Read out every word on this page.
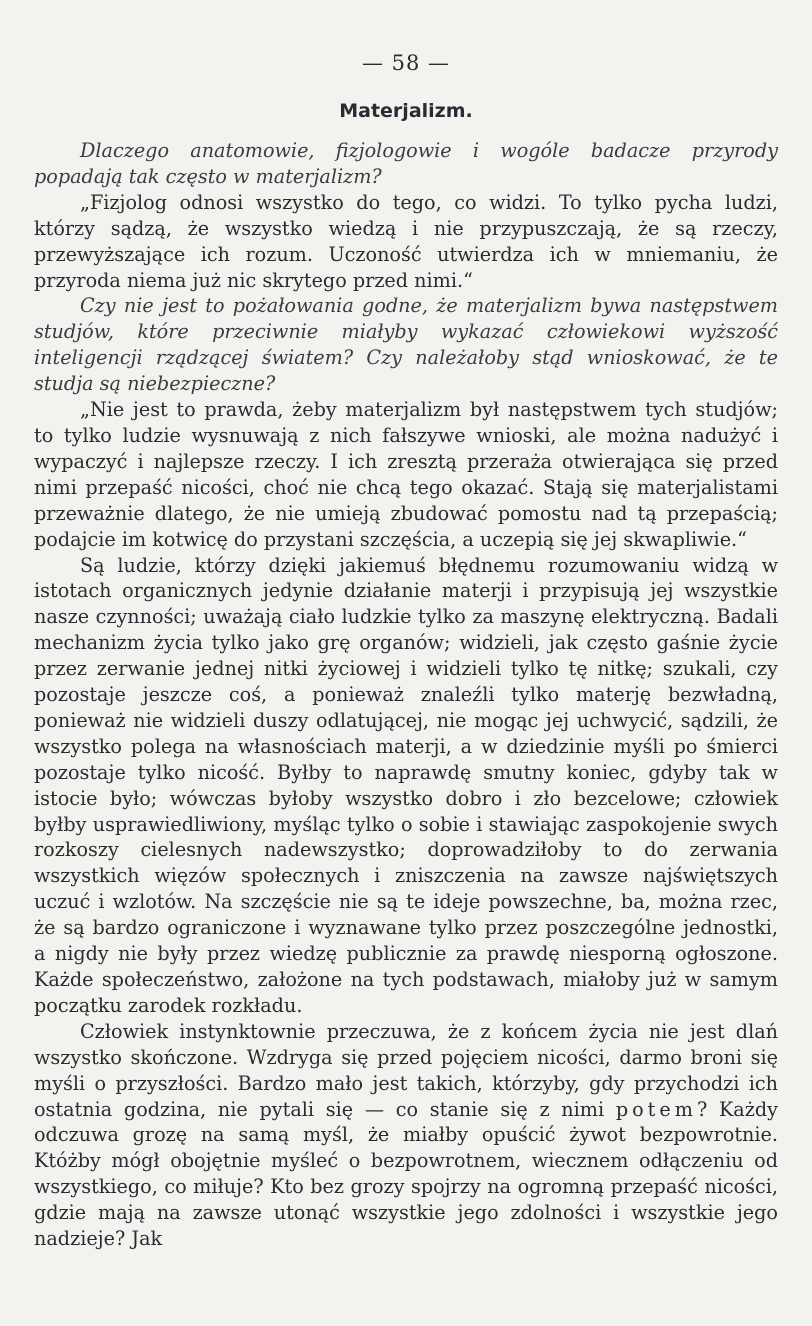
— 58 —
Materjalizm.

Dlaczego anatomowie, fizjologowie i wogóle badacze przyrody popadają tak często w materjalizm?

„Fizjolog odnosi wszystko do tego, co widzi. To tylko pycha ludzi, którzy sądzą, że wszystko wiedzą i nie przypuszczają, że są rzeczy, przewyższające ich rozum. Uczoność utwierdza ich w mniemaniu, że przyroda niema już nic skrytego przed nimi.“

Czy nie jest to pożałowania godne, że materjalizm bywa następstwem studjów, które przeciwnie miałyby wykazać człowiekowi wyższość inteligencji rządzącej światem? Czy należałoby stąd wnioskować, że te studja są niebezpieczne?

„Nie jest to prawda, żeby materjalizm był następstwem tych studjów; to tylko ludzie wysnuwają z nich fałszywe wnioski, ale można nadużyć i wypaczyć i najlepsze rzeczy. I ich zresztą przeraża otwierająca się przed nimi przepaść nicości, choć nie chcą tego okazać. Stają się materjalistami przeważnie dlatego, że nie umieją zbudować pomostu nad tą przepaścią; podajcie im kotwicę do przystani szczęścia, a uczepią się jej skwapliwie.“

Są ludzie, którzy dzięki jakiemuś błędnemu rozumowaniu widzą w istotach organicznych jedynie działanie materji i przypisują jej wszystkie nasze czynności; uważają ciało ludzkie tylko za maszynę elektryczną. Badali mechanizm życia tylko jako grę organów; widzieli, jak często gaśnie życie przez zerwanie jednej nitki życiowej i widzieli tylko tę nitkę; szukali, czy pozostaje jeszcze coś, a ponieważ znaleźli tylko materję bezwładną, ponieważ nie widzieli duszy odlatującej, nie mogąc jej uchwycić, sądzili, że wszystko polega na własnościach materji, a w dziedzinie myśli po śmierci pozostaje tylko nicość. Byłby to naprawdę smutny koniec, gdyby tak w istocie było; wówczas byłoby wszystko dobro i zło bezcelowe; człowiek byłby usprawiedliwiony, myśląc tylko o sobie i stawiając zaspokojenie swych rozkoszy cielesnych nadewszystko; doprowadziłoby to do zerwania wszystkich więzów społecznych i zniszczenia na zawsze najświętszych uczuć i wzlotów. Na szczęście nie są te ideje powszechne, ba, można rzec, że są bardzo ograniczone i wyznawane tylko przez poszczególne jednostki, a nigdy nie były przez wiedzę publicznie za prawdę niesporną ogłoszone. Każde społeczeństwo, założone na tych podstawach, miałoby już w samym początku zarodek rozkładu.

Człowiek instynktownie przeczuwa, że z końcem życia nie jest dlań wszystko skończone. Wzdryga się przed pojęciem nicości, darmo broni się myśli o przyszłości. Bardzo mało jest takich, którzyby, gdy przychodzi ich ostatnia godzina, nie pytali się — co stanie się z nimi potem? Każdy odczuwa grozę na samą myśl, że miałby opuścić żywot bezpowrotnie. Któżby mógł obojętnie myśleć o bezpowrotnem, wiecznem odłączeniu od wszystkiego, co miłuje? Kto bez grozy spojrzy na ogromną przepaść nicości, gdzie mają na zawsze utonąć wszystkie jego zdolności i wszystkie jego nadzieje? Jak
